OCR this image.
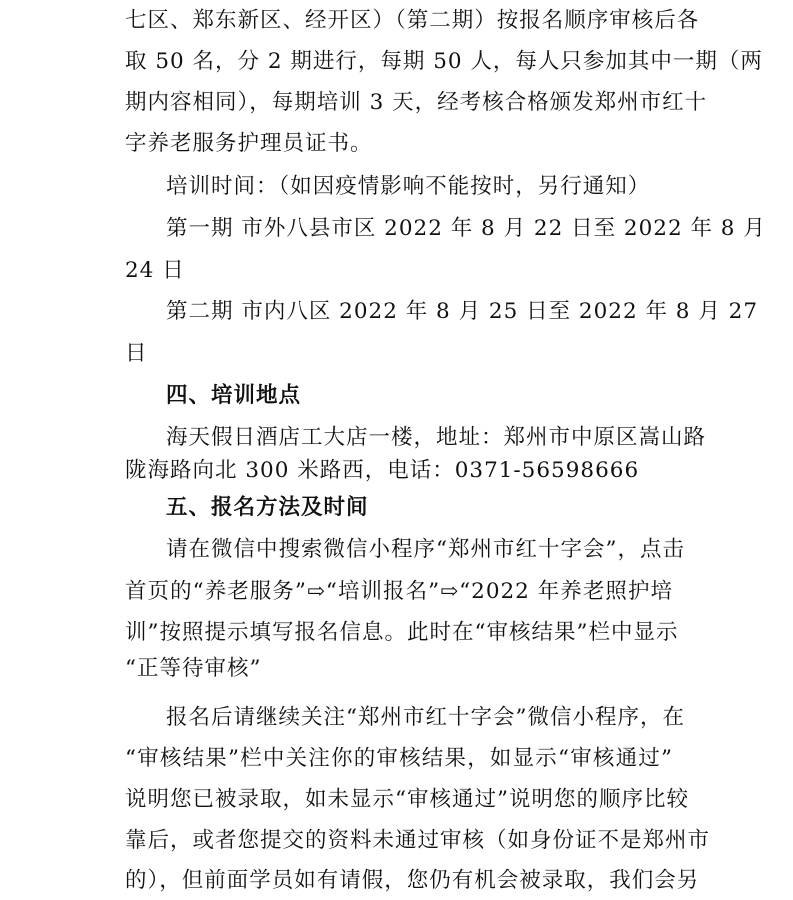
七区、郑东新区、经开区）（第二期）按报名顺序审核后各
取 50 名，分 2 期进行，每期 50 人，每人只参加其中一期（两
期内容相同），每期培训 3 天，经考核合格颁发郑州市红十
字养老服务护理员证书。
培训时间：（如因疫情影响不能按时，另行通知）
第一期 市外八县市区 2022 年 8 月 22 日至 2022 年 8 月
24 日
第二期 市内八区 2022 年 8 月 25 日至 2022 年 8 月 27
日
四、培训地点
海天假日酒店工大店一楼，地址：郑州市中原区嵩山路
陇海路向北 300 米路西，电话：0371-56598666
五、报名方法及时间
请在微信中搜索微信小程序“郑州市红十字会”，点击
首页的“养老服务”⇨“培训报名”⇨“2022 年养老照护培
训”按照提示填写报名信息。此时在“审核结果”栏中显示
“正等待审核”
报名后请继续关注“郑州市红十字会”微信小程序，在
“审核结果”栏中关注你的审核结果，如显示“审核通过”
说明您已被录取，如未显示“审核通过”说明您的顺序比较
靠后，或者您提交的资料未通过审核（如身份证不是郑州市
的），但前面学员如有请假，您仍有机会被录取，我们会另
